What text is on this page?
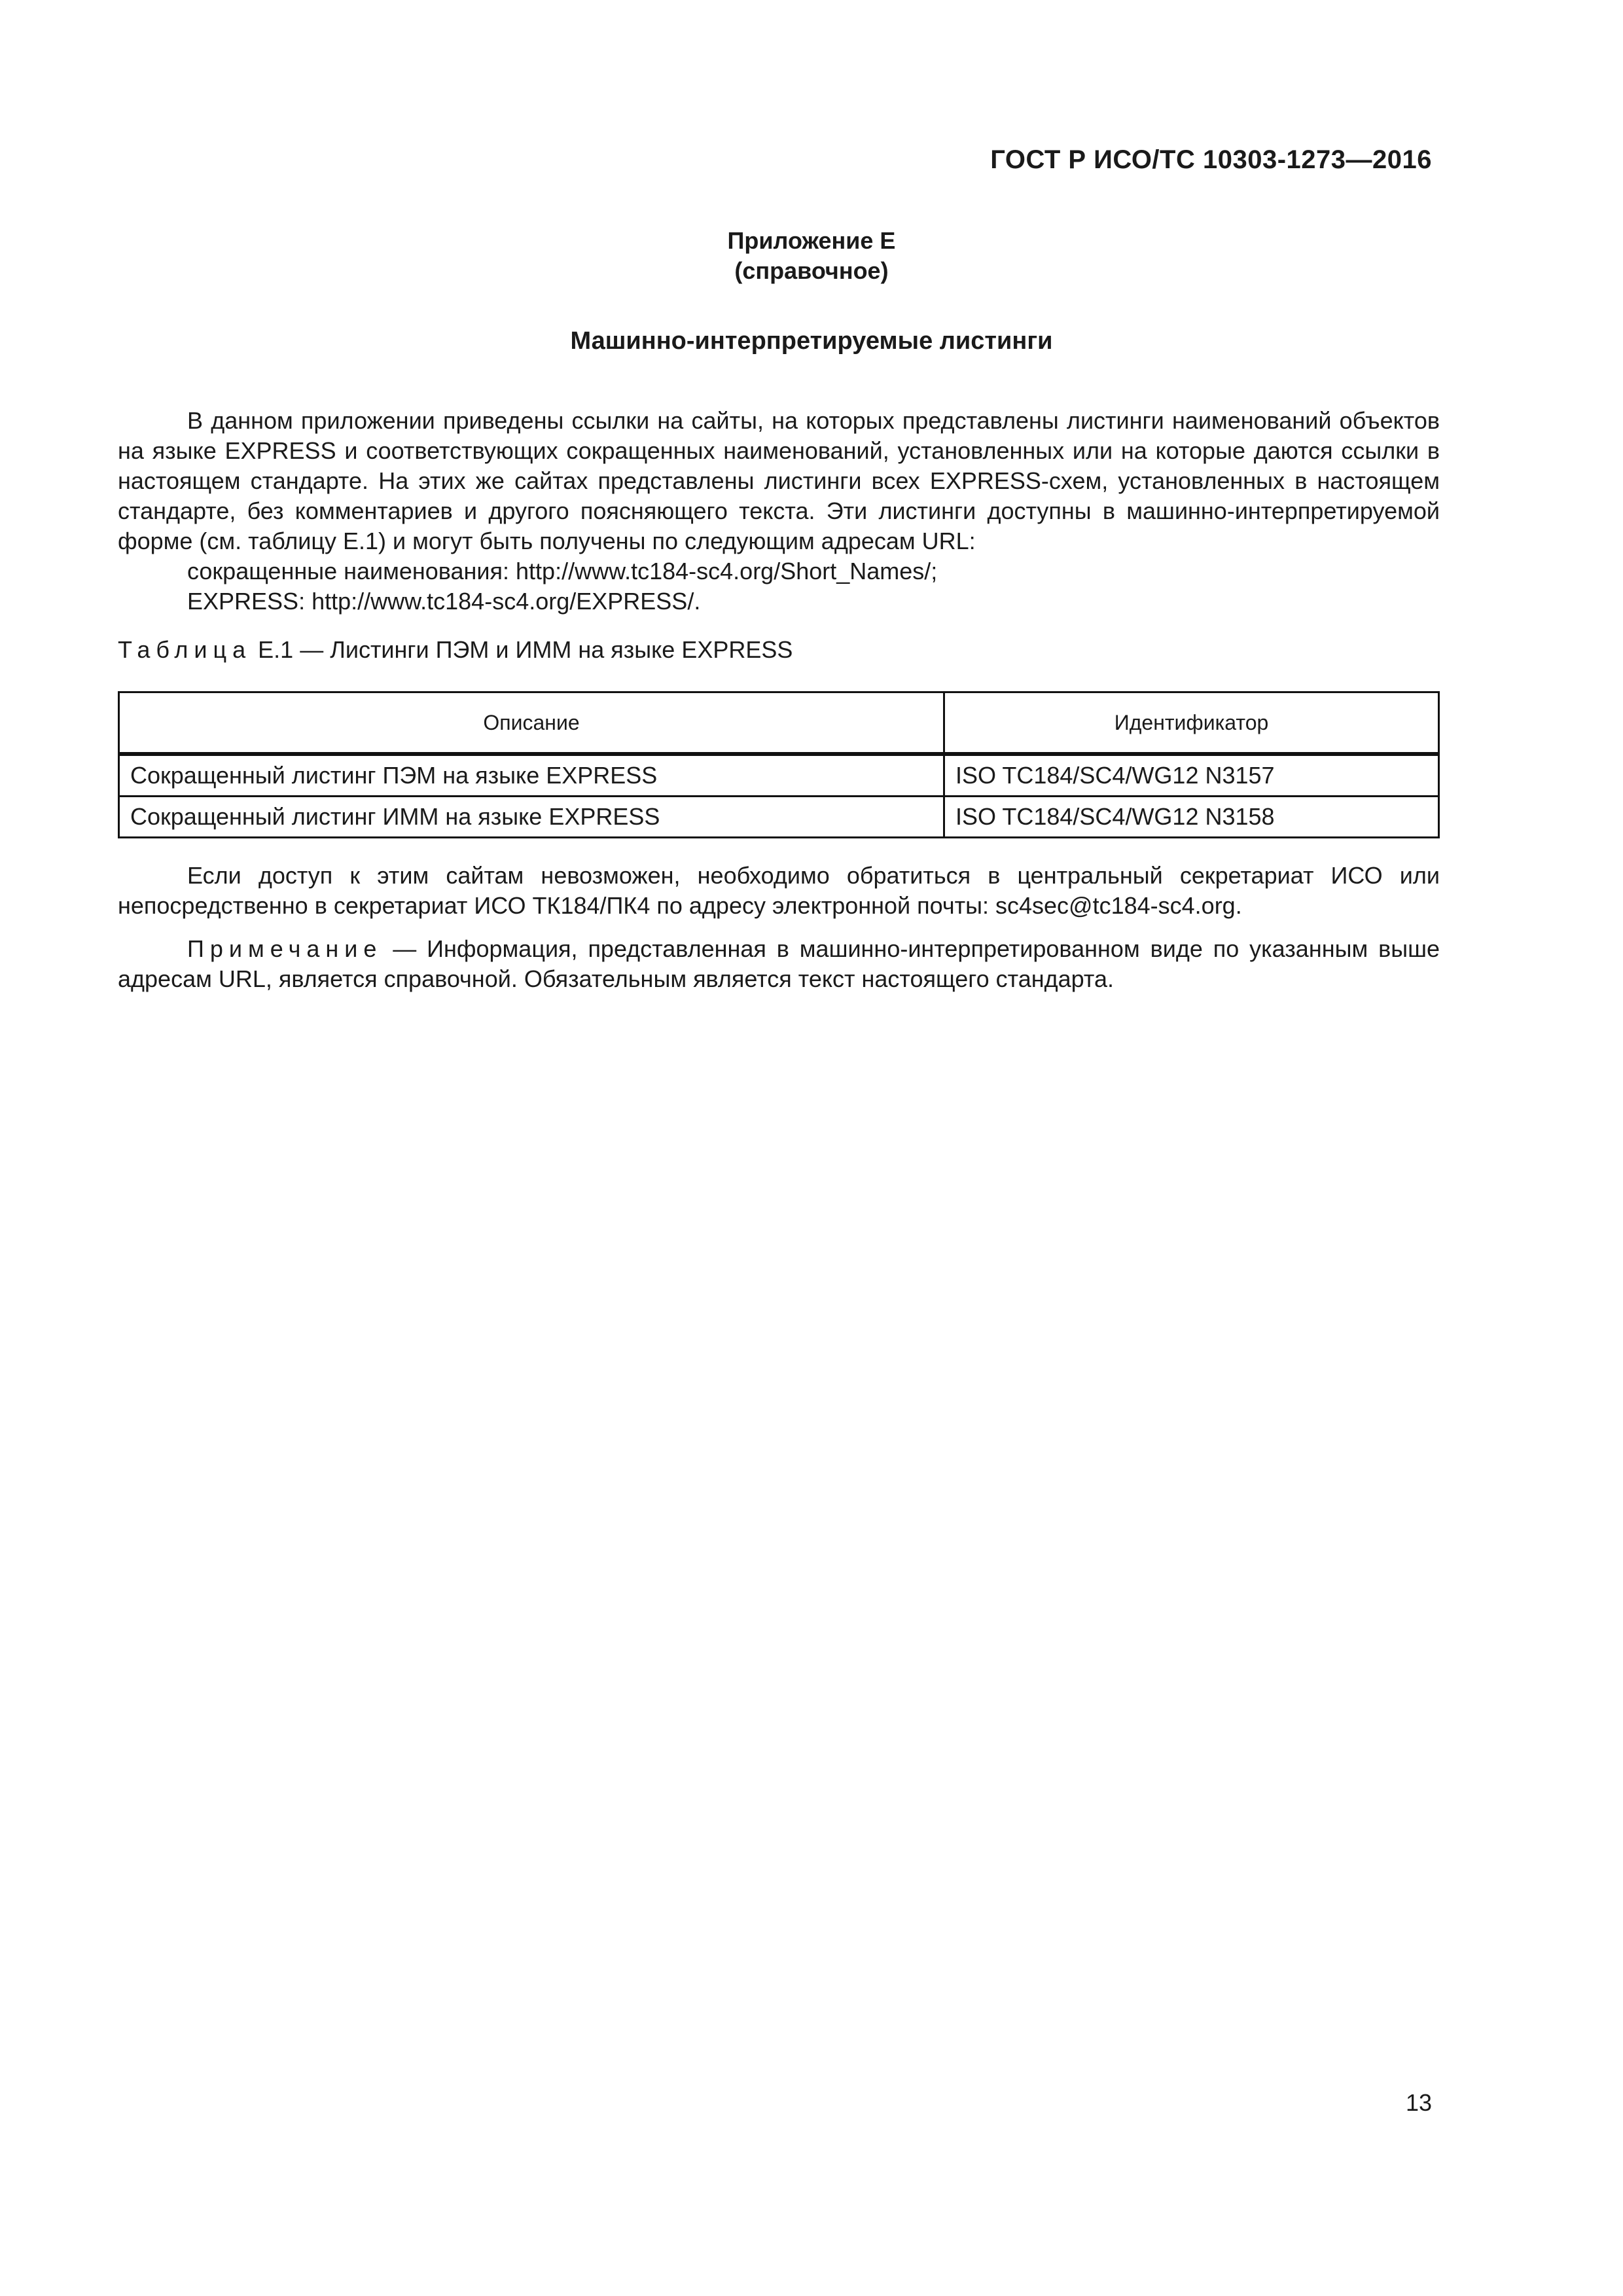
ГОСТ Р ИСО/ТС 10303-1273—2016
Приложение Е
(справочное)
Машинно-интерпретируемые листинги

В данном приложении приведены ссылки на сайты, на которых представлены листинги наименований объектов на языке EXPRESS и соответствующих сокращенных наименований, установленных или на которые даются ссылки в настоящем стандарте. На этих же сайтах представлены листинги всех EXPRESS-схем, установленных в настоящем стандарте, без комментариев и другого поясняющего текста. Эти листинги доступны в машинно-интерпретируемой форме (см. таблицу Е.1) и могут быть получены по следующим адресам URL:

сокращенные наименования: http://www.tc184-sc4.org/Short_Names/;

EXPRESS: http://www.tc184-sc4.org/EXPRESS/.

Таблица Е.1 — Листинги ПЭМ и ИММ на языке EXPRESS
Описание	Идентификатор
Сокращенный листинг ПЭМ на языке EXPRESS	ISO TC184/SC4/WG12 N3157
Сокращенный листинг ИММ на языке EXPRESS	ISO TC184/SC4/WG12 N3158

Если доступ к этим сайтам невозможен, необходимо обратиться в центральный секретариат ИСО или непосредственно в секретариат ИСО ТК184/ПК4 по адресу электронной почты: sc4sec@tc184-sc4.org.

Примечание — Информация, представленная в машинно-интерпретированном виде по указанным выше адресам URL, является справочной. Обязательным является текст настоящего стандарта.

13
